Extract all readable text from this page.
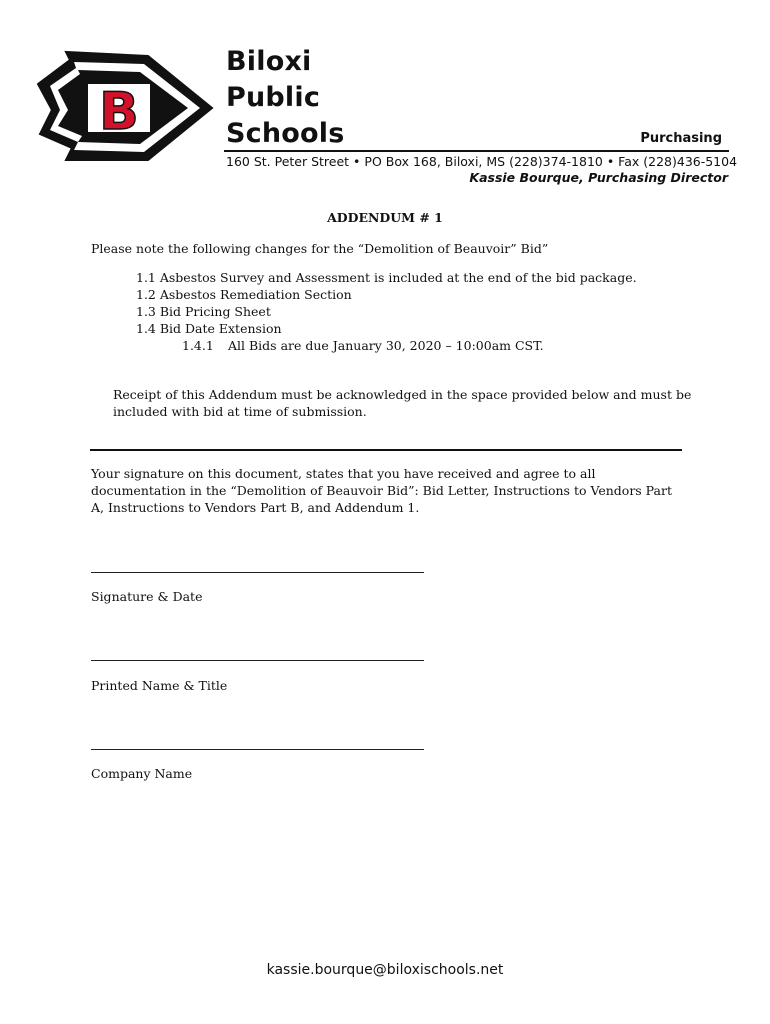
B
Biloxi
Public
Schools	Purchasing
160 St. Peter Street • PO Box 168, Biloxi, MS (228)374-1810 • Fax (228)436-5104
Kassie Bourque, Purchasing Director
ADDENDUM # 1
Please note the following changes for the “Demolition of Beauvoir” Bid”
1.1 Asbestos Survey and Assessment is included at the end of the bid package.
1.2 Asbestos Remediation Section
1.3 Bid Pricing Sheet
1.4 Bid Date Extension
1.4.1 All Bids are due January 30, 2020 – 10:00am CST.
Receipt of this Addendum must be acknowledged in the space provided below and must be included with bid at time of submission.
Your signature on this document, states that you have received and agree to all documentation in the “Demolition of Beauvoir Bid”: Bid Letter, Instructions to Vendors Part A, Instructions to Vendors Part B, and Addendum 1.
Signature & Date
Printed Name & Title
Company Name
kassie.bourque@biloxischools.net
